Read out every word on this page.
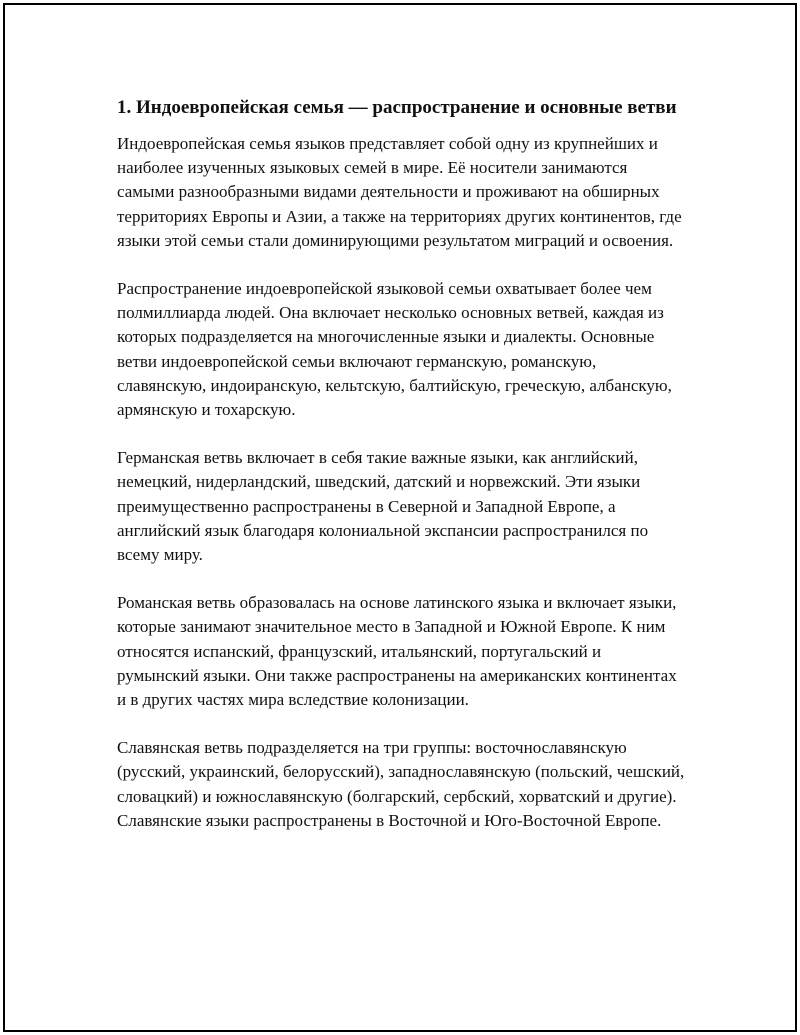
1. Индоевропейская семья — распространение и основные ветви

Индоевропейская семья языков представляет собой одну из крупнейших и наиболее изученных языковых семей в мире. Её носители занимаются самыми разнообразными видами деятельности и проживают на обширных территориях Европы и Азии, а также на территориях других континентов, где языки этой семьи стали доминирующими результатом миграций и освоения.

Распространение индоевропейской языковой семьи охватывает более чем полмиллиарда людей. Она включает несколько основных ветвей, каждая из которых подразделяется на многочисленные языки и диалекты. Основные ветви индоевропейской семьи включают германскую, романскую, славянскую, индоиранскую, кельтскую, балтийскую, греческую, албанскую, армянскую и тохарскую.

Германская ветвь включает в себя такие важные языки, как английский, немецкий, нидерландский, шведский, датский и норвежский. Эти языки преимущественно распространены в Северной и Западной Европе, а английский язык благодаря колониальной экспансии распространился по всему миру.

Романская ветвь образовалась на основе латинского языка и включает языки, которые занимают значительное место в Западной и Южной Европе. К ним относятся испанский, французский, итальянский, португальский и румынский языки. Они также распространены на американских континентах и в других частях мира вследствие колонизации.

Славянская ветвь подразделяется на три группы: восточнославянскую (русский, украинский, белорусский), западнославянскую (польский, чешский, словацкий) и южнославянскую (болгарский, сербский, хорватский и другие). Славянские языки распространены в Восточной и Юго-Восточной Европе.
